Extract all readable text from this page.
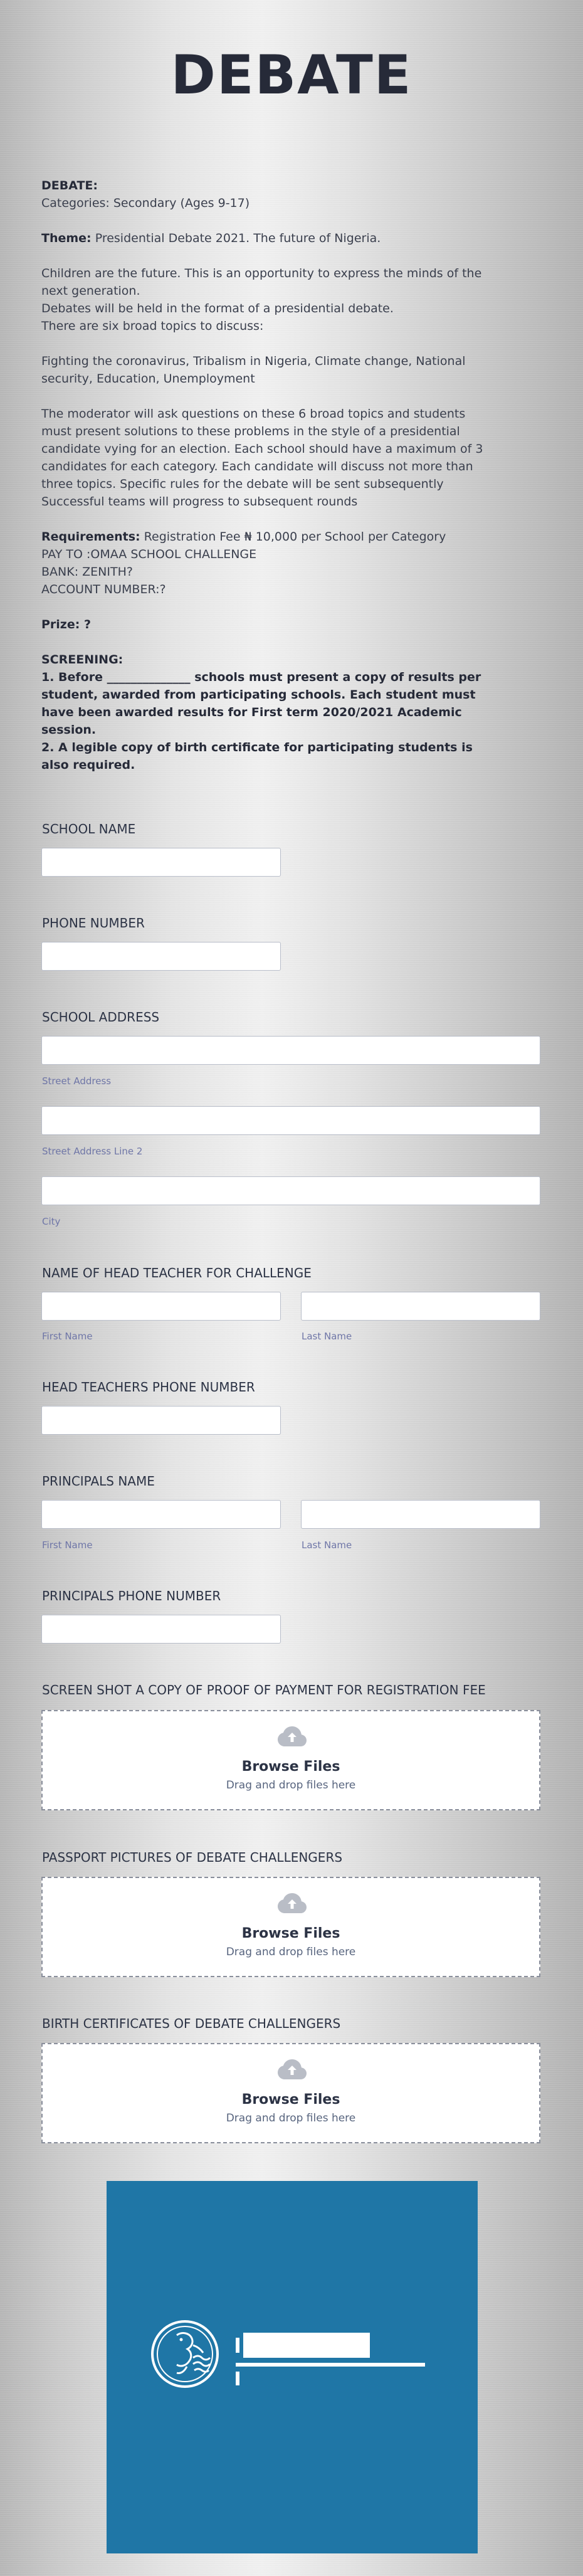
DEBATE

DEBATE:

Categories: Secondary (Ages 9-17)

Theme: Presidential Debate 2021. The future of Nigeria.

Children are the future. This is an opportunity to express the minds of the next generation.

Debates will be held in the format of a presidential debate.

There are six broad topics to discuss:

Fighting the coronavirus, Tribalism in Nigeria, Climate change, National security, Education, Unemployment

The moderator will ask questions on these 6 broad topics and students must present solutions to these problems in the style of a presidential candidate vying for an election. Each school should have a maximum of 3 candidates for each category. Each candidate will discuss not more than three topics. Specific rules for the debate will be sent subsequently

Successful teams will progress to subsequent rounds

Requirements: Registration Fee ₦ 10,000 per School per Category

PAY TO :OMAA SCHOOL CHALLENGE

BANK: ZENITH?

ACCOUNT NUMBER:?

Prize: ?

SCREENING:

1. Before ______________ schools must present a copy of results per student, awarded from participating schools. Each student must have been awarded results for First term 2020/2021 Academic session.

2. A legible copy of birth certificate for participating students is also required.

SCHOOL NAME

PHONE NUMBER

SCHOOL ADDRESS

Street Address
Street Address Line 2
City

NAME OF HEAD TEACHER FOR CHALLENGE

First Name	Last Name

HEAD TEACHERS PHONE NUMBER

PRINCIPALS NAME

First Name	Last Name

PRINCIPALS PHONE NUMBER

SCREEN SHOT A COPY OF PROOF OF PAYMENT FOR REGISTRATION FEE

Browse Files
Drag and drop files here

PASSPORT PICTURES OF DEBATE CHALLENGERS

Browse Files
Drag and drop files here

BIRTH CERTIFICATES OF DEBATE CHALLENGERS

Browse Files
Drag and drop files here
